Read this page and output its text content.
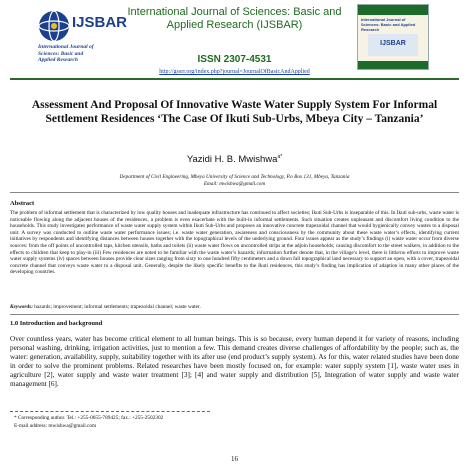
IJSBAR
International Journal of
Sciences: Basic and
Applied Research
International Journal of Sciences: Basic and
Applied Research (IJSBAR)	International Journal of Sciences: Basic and Applied Research
IJSBAR
ISSN 2307-4531
http://gssrr.org/index.php?journal=JournalOfBasicAndApplied
Assessment And Proposal Of Innovative Waste Water Supply System For Informal Settlement Residences ‘The Case Of Ikuti Sub-Urbs, Mbeya City – Tanzania’
Yazidi H. B. Mwishwa$^{a*}$
Department of Civil Engineering, Mbeya University of Science and Technology, P.o Box 131, Mbeya, Tanzania
Email: mwishwa@gmail.com
Abstract
The problem of informal settlement that is characterized by low quality houses and inadequate infrastructure has continued to affect societies; Ikuti Sub-Urbs is inseparable of this. In Ikuti sub-urbs, waste water is noticeable flowing along the adjacent houses of the residences, a problem is even exacerbate with the built-in informal settlements. Such situation creates unpleasant and discomfort living condition to the households. This study investigates performance of waste water supply system within Ikuti Sub-Urbs and proposes an innovative concrete trapezoidal channel that would hygienically convey wastes to a disposal unit. A survey was conducted to outline waste water performance issues; i.e. waste water generation, awareness and consciousness by the community about these waste water’s effects, identifying current initiatives by respondents and identifying distances between houses together with the topographical levels of the underlying ground. Four issues appear as the study’s findings (i) waste water occur from diverse sources: from the off points of uncontrolled taps, kitchen utensils, baths and toilets (ii) waste water flows on uncontrolled strips at the adjoin households; causing discomfort to the street walkers, in addition to the effects to children that keep to play-in (iii) Few residences are noted to be familiar with the waste water’s hazards; information further denote that, in the village’s level, there is little/no efforts to improve waste water supply systems (iv) spaces between houses provide clear sizes ranging from sixty to one hundred fifty centimeters and a down fall topographical land necessary to support an open, with a cover, trapezoidal concrete channel that conveys waste water to a disposal unit. Generally, despite the likely specific benefits to the Ikuti residences, this study’s finding has implication of adaption in many other places of the developing countries.
Keywords: hazards; improvement; informal settlements; trapezoidal channel; waste water.
1.0 Introduction and background
Over countless years, water has become critical element to all human beings. This is so because, every human depend it for variety of reasons, including personal washing, drinking, irrigation activities, just to mention a few. This demand creates diverse challenges of affordability by the people; such as, the water: generation, availability, supply, suitability together with its after use (end product’s supply system). As for this, water related studies have been done in order to solve the prominent problems. Related researches have been mostly focused on, for example: water supply system [1], waste water uses in agriculture [2], water supply and waste water treatment [3]; [4] and water supply and distribution [5], Integration of water supply and waste water management [6].
* Corresponding author. Tel.: +255-0655-789425; fax.: +255-2502302
E-mail address: mwishwa@gmail.com
16
